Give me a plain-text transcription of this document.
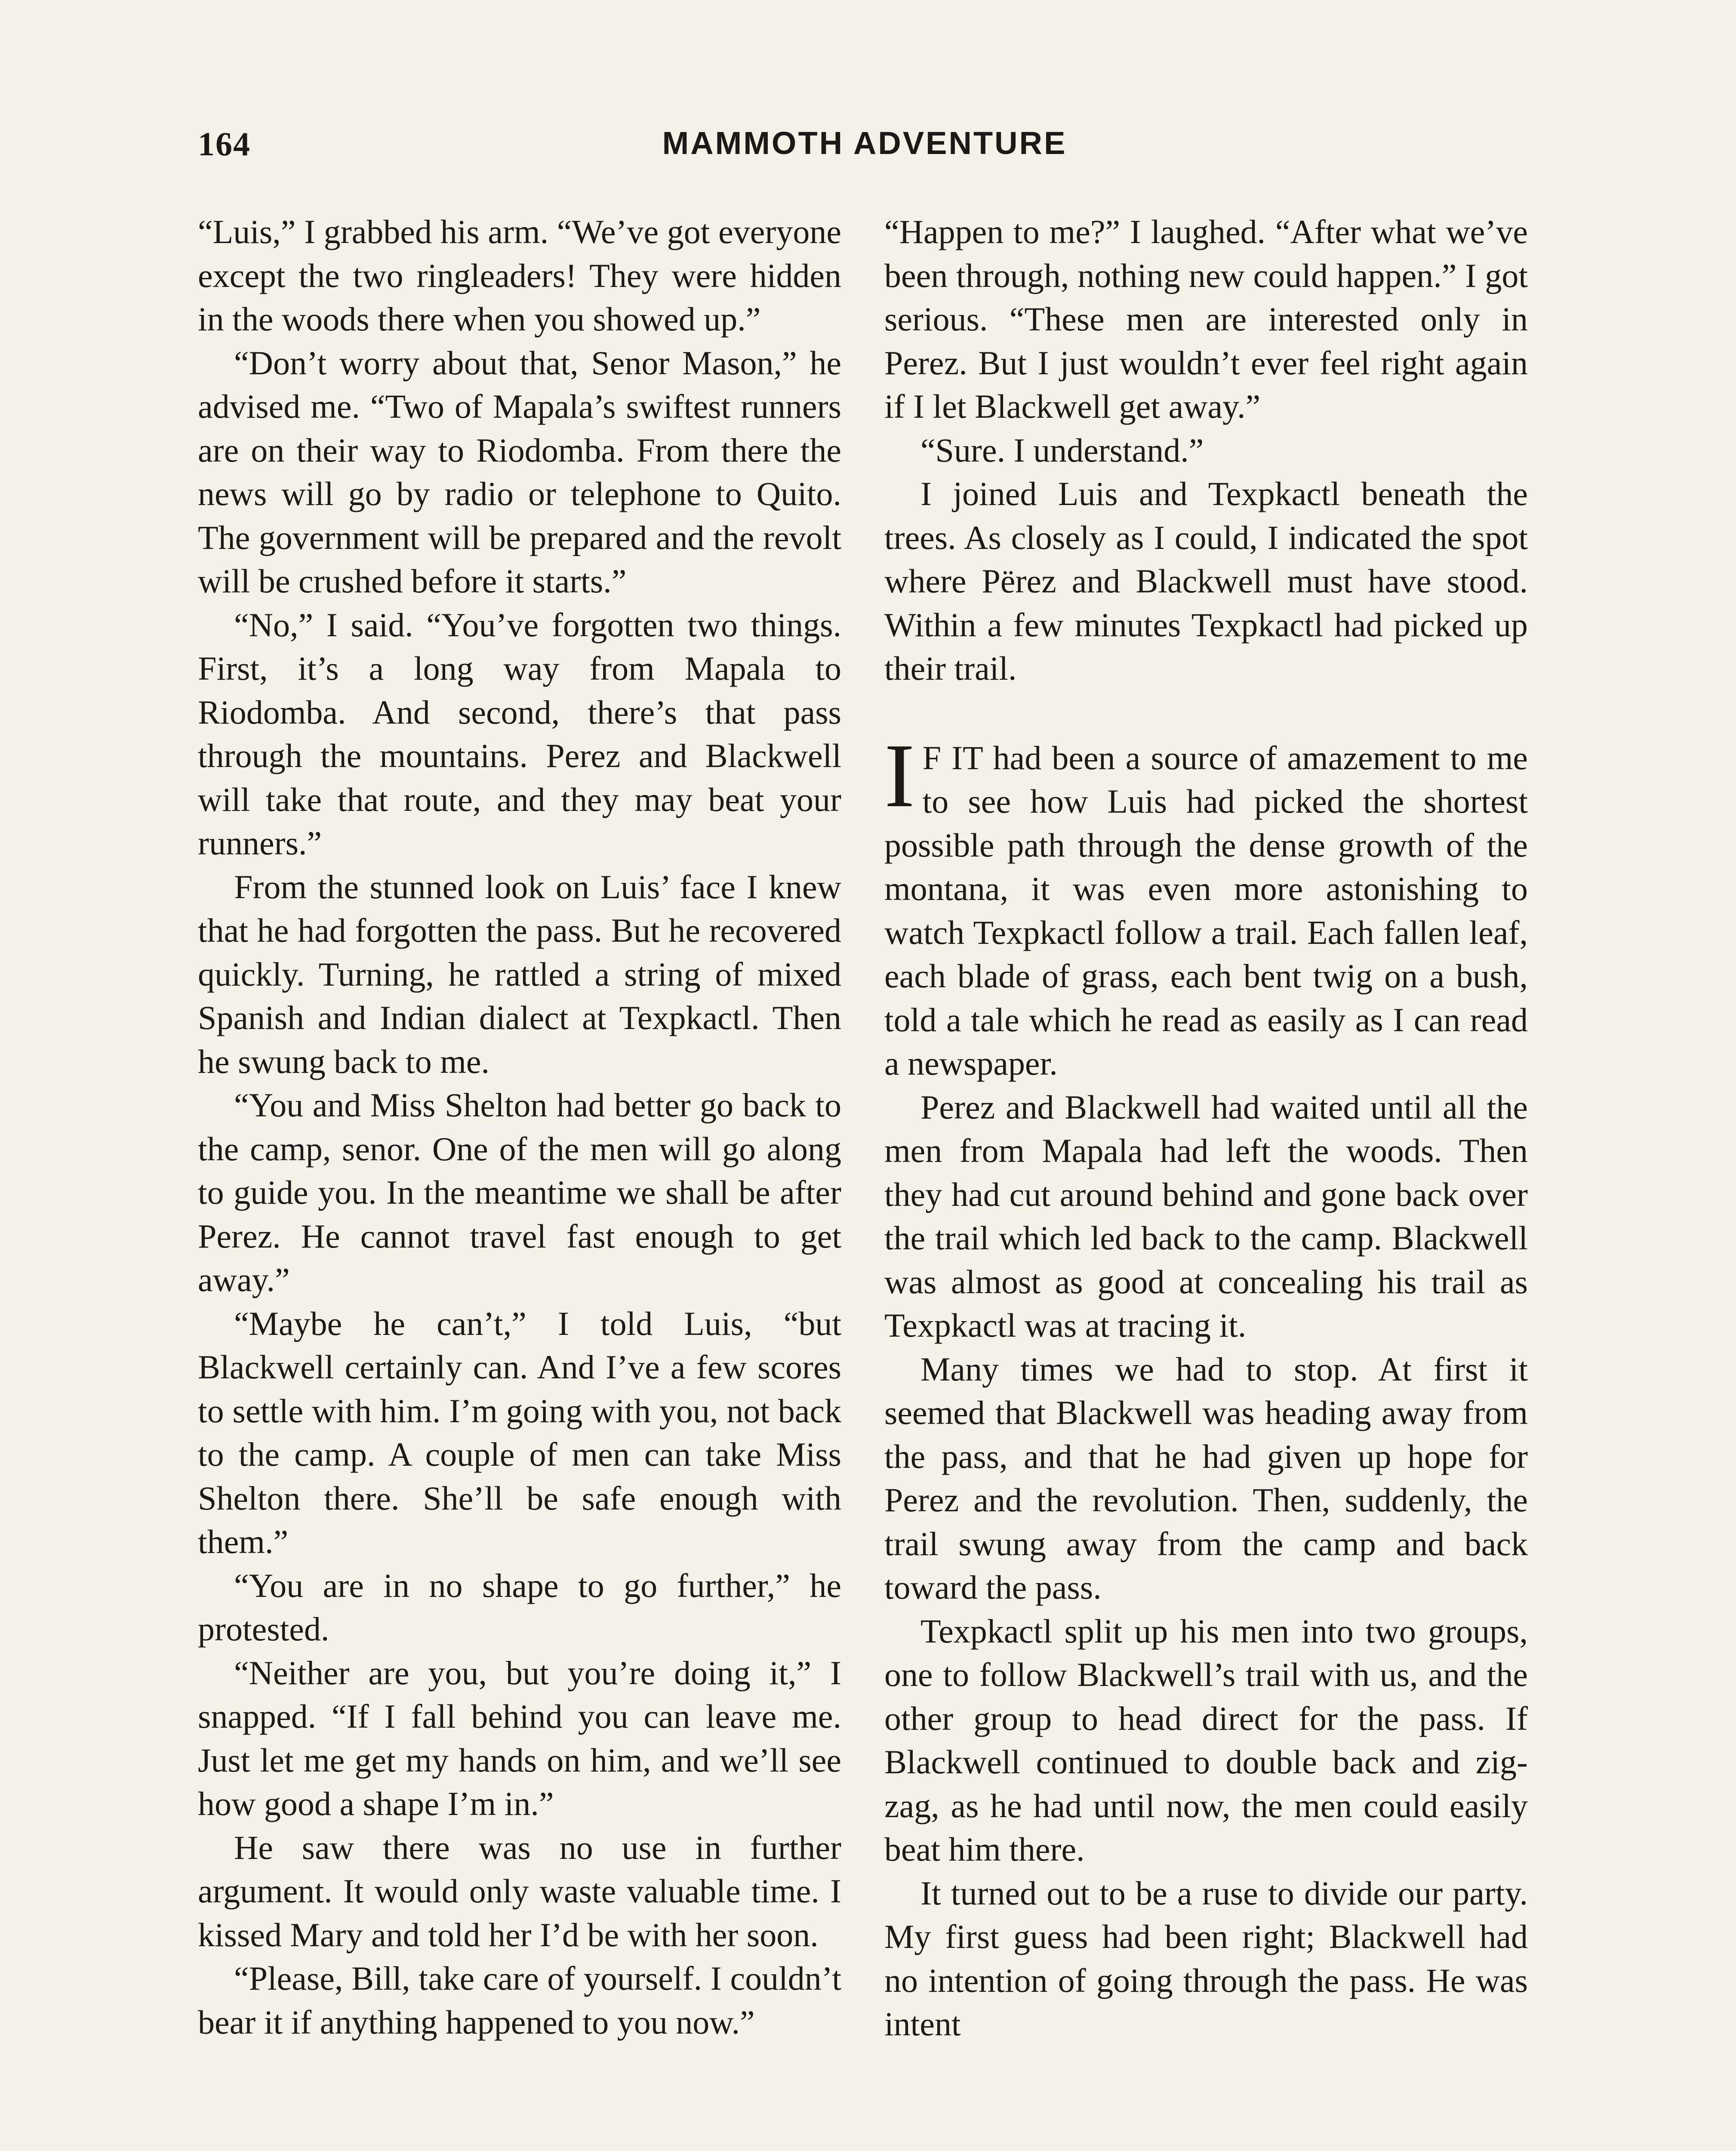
164	MAMMOTH ADVENTURE

“Luis,” I grabbed his arm. “We’ve got everyone except the two ringleaders! They were hidden in the woods there when you showed up.”

“Don’t worry about that, Senor Mason,” he advised me. “Two of Mapala’s swiftest runners are on their way to Riodomba. From there the news will go by radio or telephone to Quito. The government will be prepared and the revolt will be crushed before it starts.”

“No,” I said. “You’ve forgotten two things. First, it’s a long way from Mapala to Riodomba. And second, there’s that pass through the mountains. Perez and Blackwell will take that route, and they may beat your runners.”

From the stunned look on Luis’ face I knew that he had forgotten the pass. But he recovered quickly. Turning, he rattled a string of mixed Spanish and Indian dialect at Texpkactl. Then he swung back to me.

“You and Miss Shelton had better go back to the camp, senor. One of the men will go along to guide you. In the meantime we shall be after Perez. He cannot travel fast enough to get away.”

“Maybe he can’t,” I told Luis, “but Blackwell certainly can. And I’ve a few scores to settle with him. I’m going with you, not back to the camp. A couple of men can take Miss Shelton there. She’ll be safe enough with them.”

“You are in no shape to go further,” he protested.

“Neither are you, but you’re doing it,” I snapped. “If I fall behind you can leave me. Just let me get my hands on him, and we’ll see how good a shape I’m in.”

He saw there was no use in further argument. It would only waste valuable time. I kissed Mary and told her I’d be with her soon.

“Please, Bill, take care of yourself. I couldn’t bear it if anything happened to you now.”

“Happen to me?” I laughed. “After what we’ve been through, nothing new could happen.” I got serious. “These men are interested only in Perez. But I just wouldn’t ever feel right again if I let Blackwell get away.”

“Sure. I understand.”

I joined Luis and Texpkactl beneath the trees. As closely as I could, I indicated the spot where Përez and Blackwell must have stood. Within a few minutes Texpkactl had picked up their trail.

I F IT had been a source of amazement to me to see how Luis had picked the shortest possible path through the dense growth of the montana, it was even more astonishing to watch Texpkactl follow a trail. Each fallen leaf, each blade of grass, each bent twig on a bush, told a tale which he read as easily as I can read a newspaper.

Perez and Blackwell had waited until all the men from Mapala had left the woods. Then they had cut around behind and gone back over the trail which led back to the camp. Blackwell was almost as good at concealing his trail as Texpkactl was at tracing it.

Many times we had to stop. At first it seemed that Blackwell was heading away from the pass, and that he had given up hope for Perez and the revolution. Then, suddenly, the trail swung away from the camp and back toward the pass.

Texpkactl split up his men into two groups, one to follow Blackwell’s trail with us, and the other group to head direct for the pass. If Blackwell continued to double back and zig-zag, as he had until now, the men could easily beat him there.

It turned out to be a ruse to divide our party. My first guess had been right; Blackwell had no intention of going through the pass. He was intent
